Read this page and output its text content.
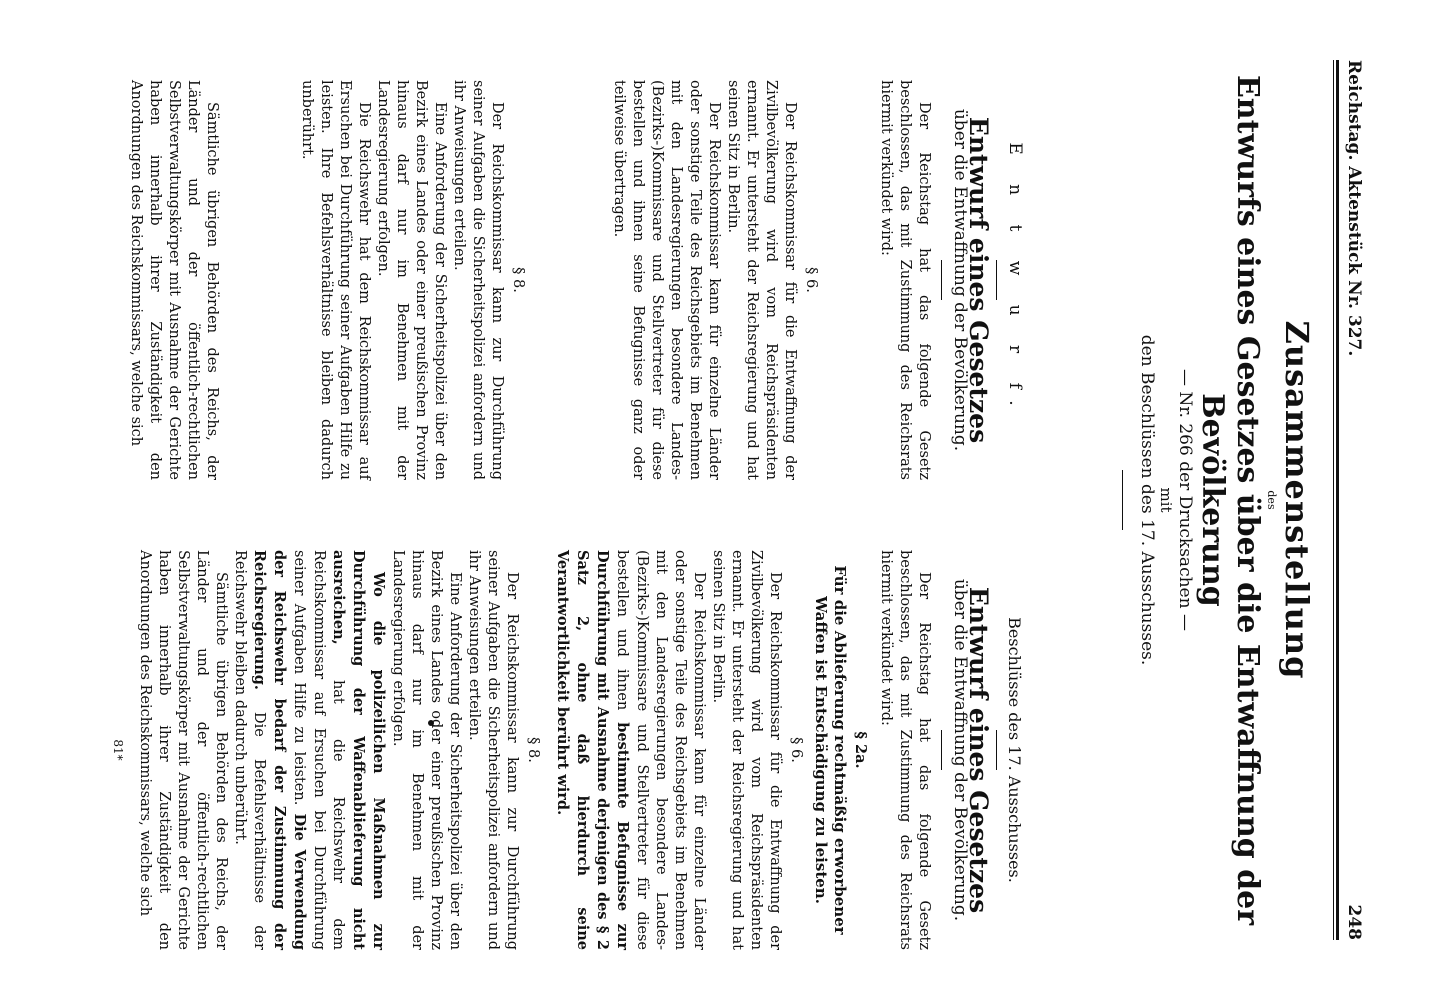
Reichstag. Aktenstück Nr. 327.
248
Zusammenstellung
des
Entwurfs eines Gesetzes über die Entwaffnung der Bevölkerung
— Nr. 266 der Drucksachen —
mit
den Beschlüssen des 17. Ausschusses.
E n t w u r f.
Entwurf eines Gesetzes
über die Entwaffnung der Bevölkerung.

Der Reichstag hat das folgende Gesetz beschlossen, das mit Zustimmung des Reichsrats hiermit verkündet wird:

§ 6.

Der Reichskommissar für die Entwaffnung der Zivilbevölkerung wird vom Reichspräsidenten ernannt. Er untersteht der Reichsregierung und hat seinen Sitz in Berlin.

Der Reichskommissar kann für einzelne Länder oder sonstige Teile des Reichsgebiets im Benehmen mit den Landesregierungen besondere Landes-(Bezirks-)Kommissare und Stellvertreter für diese bestellen und ihnen seine Befugnisse ganz oder teilweise übertragen.

§ 8.

Der Reichskommissar kann zur Durchführung seiner Aufgaben die Sicherheitspolizei anfordern und ihr Anweisungen erteilen.

Eine Anforderung der Sicherheitspolizei über den Bezirk eines Landes oder einer preußischen Provinz hinaus darf nur im Benehmen mit der Landesregierung erfolgen.

Die Reichswehr hat dem Reichskommissar auf Ersuchen bei Durchführung seiner Aufgaben Hilfe zu leisten. Ihre Befehlsverhältnisse bleiben dadurch unberührt.

Sämtliche übrigen Behörden des Reichs, der Länder und der öffentlich-rechtlichen Selbstverwaltungskörper mit Ausnahme der Gerichte haben innerhalb ihrer Zuständigkeit den Anordnungen des Reichskommissars, welche sich

Beschlüsse des 17. Ausschusses.
Entwurf eines Gesetzes
über die Entwaffnung der Bevölkerung.

Der Reichstag hat das folgende Gesetz beschlossen, das mit Zustimmung des Reichsrats hiermit verkündet wird:

§ 2a.
Für die Ablieferung rechtmäßig erworbener Waffen ist Entschädigung zu leisten.
§ 6.

Der Reichskommissar für die Entwaffnung der Zivilbevölkerung wird vom Reichspräsidenten ernannt. Er untersteht der Reichsregierung und hat seinen Sitz in Berlin.

Der Reichskommissar kann für einzelne Länder oder sonstige Teile des Reichsgebiets im Benehmen mit den Landesregierungen besondere Landes-(Bezirks-)Kommissare und Stellvertreter für diese bestellen und ihnen bestimmte Befugnisse zur Durchführung mit Ausnahme derjenigen des § 2 Satz 2, ohne daß hierdurch seine Verantwortlichkeit berührt wird.

§ 8.

Der Reichskommissar kann zur Durchführung seiner Aufgaben die Sicherheitspolizei anfordern und ihr Anweisungen erteilen.

Eine Anforderung der Sicherheitspolizei über den Bezirk eines Landes oder einer preußischen Provinz hinaus darf nur im Benehmen mit der Landesregierung erfolgen.

Wo die polizeilichen Maßnahmen zur Durchführung der Waffenablieferung nicht ausreichen, hat die Reichswehr dem Reichskommissar auf Ersuchen bei Durchführung seiner Aufgaben Hilfe zu leisten. Die Verwendung der Reichswehr bedarf der Zustimmung der Reichsregierung. Die Befehlsverhältnisse der Reichswehr bleiben dadurch unberührt.

Sämtliche übrigen Behörden des Reichs, der Länder und der öffentlich-rechtlichen Selbstverwaltungskörper mit Ausnahme der Gerichte haben innerhalb ihrer Zuständigkeit den Anordnungen des Reichskommissars, welche sich

81*
